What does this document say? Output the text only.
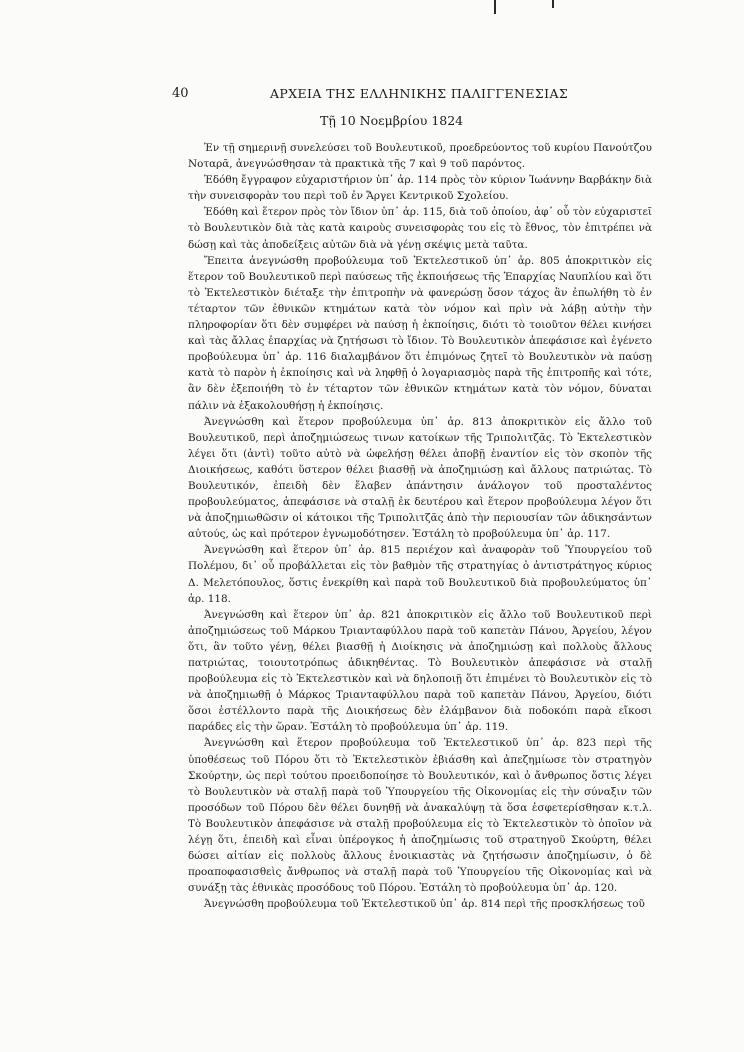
40	ΑΡΧΕΙΑ ΤΗΣ ΕΛΛΗΝΙΚΗΣ ΠΑΛΙΓΓΕΝΕΣΙΑΣ
Τῇ 10 Νοεμβρίου 1824

Ἐν τῇ σημερινῇ συνελεύσει τοῦ Βουλευτικοῦ, προεδρεύοντος τοῦ κυρίου Πανούτζου Νοταρᾶ, ἀνεγνώσθησαν τὰ πρακτικὰ τῆς 7 καὶ 9 τοῦ παρόντος.

Ἐδόθη ἔγγραφον εὐχαριστήριον ὑπ᾽ ἀρ. 114 πρὸς τὸν κύριον Ἰωάννην Βαρβάκην διὰ τὴν συνεισφορὰν του περὶ τοῦ ἐν Ἄργει Κεντρικοῦ Σχολείου.

Ἐδόθη καὶ ἕτερον πρὸς τὸν ἴδιον ὑπ᾽ ἀρ. 115, διὰ τοῦ ὁποίου, ἀφ᾽ οὗ τὸν εὐχαριστεῖ τὸ Βουλευτικὸν διὰ τὰς κατὰ καιροὺς συνεισφορὰς του εἰς τὸ ἔθνος, τὸν ἐπιτρέπει νὰ δώσῃ καὶ τὰς ἀποδείξεις αὐτῶν διὰ νὰ γένῃ σκέψις μετὰ ταῦτα.

Ἔπειτα ἀνεγνώσθη προβούλευμα τοῦ Ἐκτελεστικοῦ ὑπ᾽ ἀρ. 805 ἀποκριτικὸν εἰς ἕτερον τοῦ Βουλευτικοῦ περὶ παύσεως τῆς ἐκποιήσεως τῆς Ἐπαρχίας Ναυπλίου καὶ ὅτι τὸ Ἐκτελεστικὸν διέταξε τὴν ἐπιτροπὴν νὰ φανερώσῃ ὅσον τάχος ἂν ἐπωλήθη τὸ ἐν τέταρτον τῶν ἐθνικῶν κτημάτων κατὰ τὸν νόμον καὶ πρὶν νὰ λάβῃ αὐτὴν τὴν πληροφορίαν ὅτι δὲν συμφέρει νὰ παύσῃ ἡ ἐκποίησις, διότι τὸ τοιοῦτον θέλει κινήσει καὶ τὰς ἄλλας ἐπαρχίας νὰ ζητήσωσι τὸ ἴδιον. Τὸ Βουλευτικὸν ἀπεφάσισε καὶ ἐγένετο προβούλευμα ὑπ᾽ ἀρ. 116 διαλαμβάνον ὅτι ἐπιμόνως ζητεῖ τὸ Βουλευτικὸν νὰ παύσῃ κατὰ τὸ παρὸν ἡ ἐκποίησις καὶ νὰ ληφθῇ ὁ λογαριασμὸς παρὰ τῆς ἐπιτροπῆς καὶ τότε, ἂν δὲν ἐξεποιήθη τὸ ἐν τέταρτον τῶν ἐθνικῶν κτημάτων κατὰ τὸν νόμον, δύναται πάλιν νὰ ἐξακολουθήσῃ ἡ ἐκποίησις.

Ἀνεγνώσθη καὶ ἕτερον προβούλευμα ὑπ᾽ ἀρ. 813 ἀποκριτικὸν εἰς ἄλλο τοῦ Βουλευτικοῦ, περὶ ἀποζημιώσεως τινων κατοίκων τῆς Τριπολιτζᾶς. Τὸ Ἐκτελεστικὸν λέγει ὅτι (ἀντὶ) τοῦτο αὐτὸ νὰ ὠφελήσῃ θέλει ἀποβῇ ἐναντίον εἰς τὸν σκοπὸν τῆς Διοικήσεως, καθότι ὕστερον θέλει βιασθῇ νὰ ἀποζημιώσῃ καὶ ἄλλους πατριώτας. Τὸ Βουλευτικόν, ἐπειδὴ δὲν ἔλαβεν ἀπάντησιν ἀνάλογον τοῦ προσταλέντος προβουλεύματος, ἀπεφάσισε νὰ σταλῇ ἐκ δευτέρου καὶ ἕτερον προβούλευμα λέγον ὅτι νὰ ἀποζημιωθῶσιν οἱ κάτοικοι τῆς Τριπολιτζᾶς ἀπὸ τὴν περιουσίαν τῶν ἀδικησάντων αὐτούς, ὡς καὶ πρότερον ἐγνωμοδότησεν. Ἐστάλη τὸ προβούλευμα ὑπ᾽ ἀρ. 117.

Ἀνεγνώσθη καὶ ἕτερον ὑπ᾽ ἀρ. 815 περιέχον καὶ ἀναφορὰν τοῦ Ὑπουργείου τοῦ Πολέμου, δι᾽ οὗ προβάλλεται εἰς τὸν βαθμὸν τῆς στρατηγίας ὁ ἀντιστράτηγος κύριος Δ. Μελετόπουλος, ὅστις ἐνεκρίθη καὶ παρὰ τοῦ Βουλευτικοῦ διὰ προβουλεύματος ὑπ᾽ ἀρ. 118.

Ἀνεγνώσθη καὶ ἕτερον ὑπ᾽ ἀρ. 821 ἀποκριτικὸν εἰς ἄλλο τοῦ Βουλευτικοῦ περὶ ἀποζημιώσεως τοῦ Μάρκου Τριανταφύλλου παρὰ τοῦ καπετὰν Πάνου, Ἀργείου, λέγον ὅτι, ἂν τοῦτο γένῃ, θέλει βιασθῇ ἡ Διοίκησις νὰ ἀποζημιώσῃ καὶ πολλοὺς ἄλλους πατριώτας, τοιουτοτρόπως ἀδικηθέντας. Τὸ Βουλευτικὸν ἀπεφάσισε νὰ σταλῇ προβούλευμα εἰς τὸ Ἐκτελεστικὸν καὶ νὰ δηλοποιῇ ὅτι ἐπιμένει τὸ Βουλευτικὸν εἰς τὸ νὰ ἀποζημιωθῇ ὁ Μάρκος Τριανταφύλλου παρὰ τοῦ καπετὰν Πάνου, Ἀργείου, διότι ὅσοι ἐστέλλοντο παρὰ τῆς Διοικήσεως δὲν ἐλάμβανον διὰ ποδοκόπι παρὰ εἴκοσι παράδες εἰς τὴν ὥραν. Ἐστάλη τὸ προβούλευμα ὑπ᾽ ἀρ. 119.

Ἀνεγνώσθη καὶ ἕτερον προβούλευμα τοῦ Ἐκτελεστικοῦ ὑπ᾽ ἀρ. 823 περὶ τῆς ὑποθέσεως τοῦ Πόρου ὅτι τὸ Ἐκτελεστικὸν ἐβιάσθη καὶ ἀπεζημίωσε τὸν στρατηγὸν Σκούρτην, ὡς περὶ τούτου προειδοποίησε τὸ Βουλευτικόν, καὶ ὁ ἄνθρωπος ὅστις λέγει τὸ Βουλευτικὸν νὰ σταλῇ παρὰ τοῦ Ὑπουργείου τῆς Οἰκονομίας εἰς τὴν σύναξιν τῶν προσόδων τοῦ Πόρου δὲν θέλει δυνηθῇ νὰ ἀνακαλύψῃ τὰ ὅσα ἐσφετερίσθησαν κ.τ.λ. Τὸ Βουλευτικὸν ἀπεφάσισε νὰ σταλῇ προβούλευμα εἰς τὸ Ἐκτελεστικὸν τὸ ὁποῖον νὰ λέγῃ ὅτι, ἐπειδὴ καὶ εἶναι ὑπέρογκος ἡ ἀποζημίωσις τοῦ στρατηγοῦ Σκούρτη, θέλει δώσει αἰτίαν εἰς πολλοὺς ἄλλους ἐνοικιαστὰς νὰ ζητήσωσιν ἀποζημίωσιν, ὁ δὲ προαποφασισθεὶς ἄνθρωπος νὰ σταλῇ παρὰ τοῦ Ὑπουργείου τῆς Οἰκονομίας καὶ νὰ συνάξῃ τὰς ἐθνικὰς προσόδους τοῦ Πόρου. Ἐστάλη τὸ προβούλευμα ὑπ᾽ ἀρ. 120.

Ἀνεγνώσθη προβούλευμα τοῦ Ἐκτελεστικοῦ ὑπ᾽ ἀρ. 814 περὶ τῆς προσκλήσεως τοῦ
